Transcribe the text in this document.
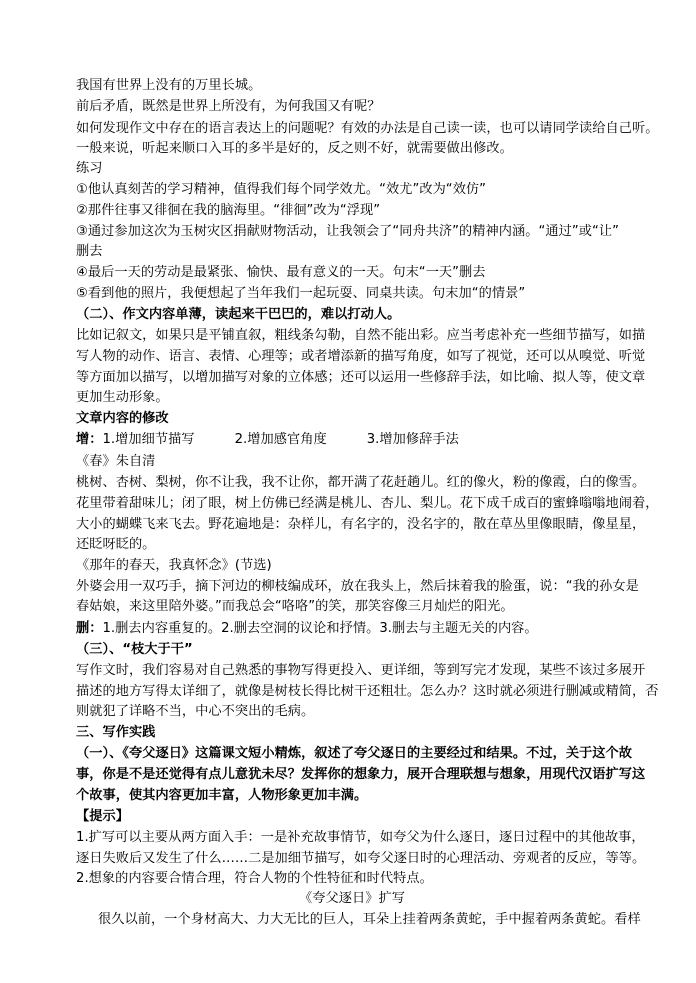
我国有世界上没有的万里长城。
前后矛盾，既然是世界上所没有，为何我国又有呢？
如何发现作文中存在的语言表达上的问题呢？有效的办法是自己读一读，也可以请同学读给自己听。
一般来说，听起来顺口入耳的多半是好的，反之则不好，就需要做出修改。
练习
①他认真刻苦的学习精神，值得我们每个同学效尤。“效尤”改为“效仿”
②那件往事又徘徊在我的脑海里。“徘徊”改为“浮现”
③通过参加这次为玉树灾区捐献财物活动，让我领会了“同舟共济”的精神内涵。“通过”或“让”
删去
④最后一天的劳动是最紧张、愉快、最有意义的一天。句末“一天”删去
⑤看到他的照片，我便想起了当年我们一起玩耍、同桌共读。句末加“的情景”
（二）、作文内容单薄，读起来干巴巴的，难以打动人。
比如记叙文，如果只是平铺直叙，粗线条勾勒，自然不能出彩。应当考虑补充一些细节描写，如描
写人物的动作、语言、表情、心理等；或者增添新的描写角度，如写了视觉，还可以从嗅觉、听觉
等方面加以描写，以增加描写对象的立体感；还可以运用一些修辞手法，如比喻、拟人等，使文章
更加生动形象。
文章内容的修改
增：1.增加细节描写	2.增加感官角度	3.增加修辞手法
《春》朱自清
桃树、杏树、梨树，你不让我，我不让你，都开满了花赶趟儿。红的像火，粉的像霞，白的像雪。
花里带着甜味儿；闭了眼，树上仿佛已经满是桃儿、杏儿、梨儿。花下成千成百的蜜蜂嗡嗡地闹着，
大小的蝴蝶飞来飞去。野花遍地是：杂样儿，有名字的，没名字的，散在草丛里像眼睛，像星星，
还眨呀眨的。
《那年的春天，我真怀念》(节选)
外婆会用一双巧手，摘下河边的柳枝编成环，放在我头上，然后抹着我的脸蛋，说：“我的孙女是
春姑娘，来这里陪外婆。”而我总会“咯咯”的笑，那笑容像三月灿烂的阳光。
删：1.删去内容重复的。2.删去空洞的议论和抒情。3.删去与主题无关的内容。
（三）、“枝大于干”
写作文时，我们容易对自己熟悉的事物写得更投入、更详细，等到写完才发现，某些不该过多展开
描述的地方写得太详细了，就像是树枝长得比树干还粗壮。怎么办？这时就必须进行删减或精简，否
则就犯了详略不当，中心不突出的毛病。
三、写作实践
（一）、《夸父逐日》这篇课文短小精炼，叙述了夸父逐日的主要经过和结果。不过，关于这个故
事，你是不是还觉得有点儿意犹未尽？发挥你的想象力，展开合理联想与想象，用现代汉语扩写这
个故事，使其内容更加丰富，人物形象更加丰满。
【提示】
1.扩写可以主要从两方面入手：一是补充故事情节，如夸父为什么逐日，逐日过程中的其他故事，
逐日失败后又发生了什么……二是加细节描写，如夸父逐日时的心理活动、旁观者的反应，等等。
2.想象的内容要合情合理，符合人物的个性特征和时代特点。
《夸父逐日》扩写
很久以前，一个身材高大、力大无比的巨人，耳朵上挂着两条黄蛇，手中握着两条黄蛇。看样
